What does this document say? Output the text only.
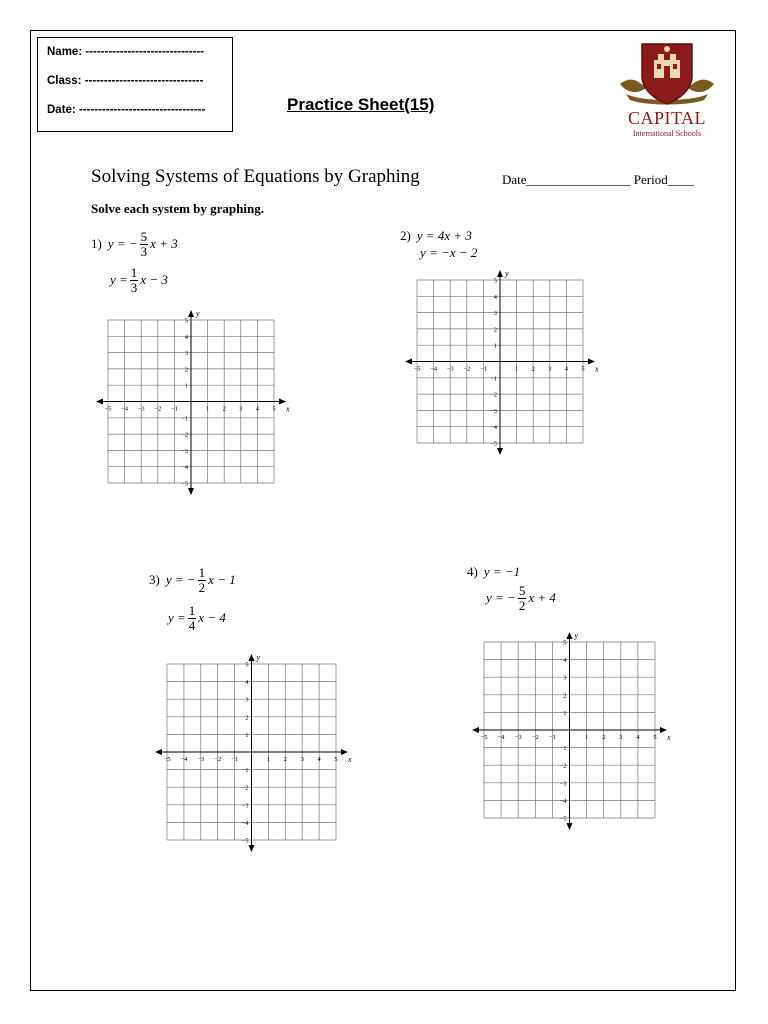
Name: -------------------------------
Class: -------------------------------
Date: ---------------------------------	Practice Sheet(15)
CAPITAL
International Schools
Solving Systems of Equations by Graphing	Date________________ Period____
Solve each system by graphing.
1) y = − $\frac{5}{3}$ x + 3
$y = \frac{1}{3}$ x − 3
2) y = 4x + 3
y = −x − 2
3) y = − $\frac{1}{2}$ x − 1
$y = \frac{1}{4}$ x − 4
4) y = −1
y = − $\frac{5}{2}$ x + 4
−5 −4 −3 −2 −1	1 2 3 4 5
5
4
3
2
1
−1
−2
−3
−4
−5
x
y
−5 −4 −3 −2 −1	1 2 3 4 5
5
4
3
2
1
−1
−2
−3
−4
−5
x
y
−5 −4 −3 −2 −1	1 2 3 4 5
5
4
3
2
1
−1
−2
−3
−4
−5
x
y
−5 −4 −3 −2 −1	1 2 3 4 5
5
4
3
2
1
−1
−2
−3
−4
−5
x
y
